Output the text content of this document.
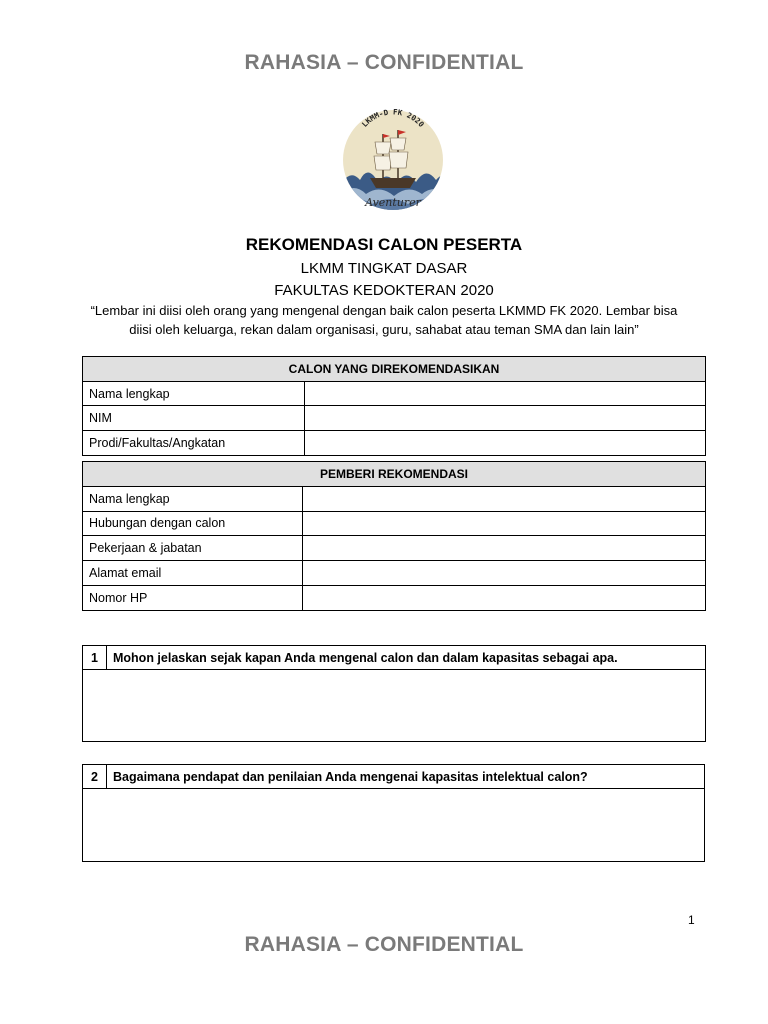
RAHASIA – CONFIDENTIAL
LKMM-D FK 2020
Aventurer
REKOMENDASI CALON PESERTA
LKMM TINGKAT DASAR
FAKULTAS KEDOKTERAN 2020
“Lembar ini diisi oleh orang yang mengenal dengan baik calon peserta LKMMD FK 2020. Lembar bisa diisi oleh keluarga, rekan dalam organisasi, guru, sahabat atau teman SMA dan lain lain”
CALON YANG DIREKOMENDASIKAN	
Nama lengkap	
NIM	
Prodi/Fakultas/Angkatan	
PEMBERI REKOMENDASI	
Nama lengkap	
Hubungan dengan calon	
Pekerjaan & jabatan	
Alamat email	
Nomor HP	
1	Mohon jelaskan sejak kapan Anda mengenal calon dan dalam kapasitas sebagai apa.

2	Bagaimana pendapat dan penilaian Anda mengenai kapasitas intelektual calon?

1
RAHASIA – CONFIDENTIAL
